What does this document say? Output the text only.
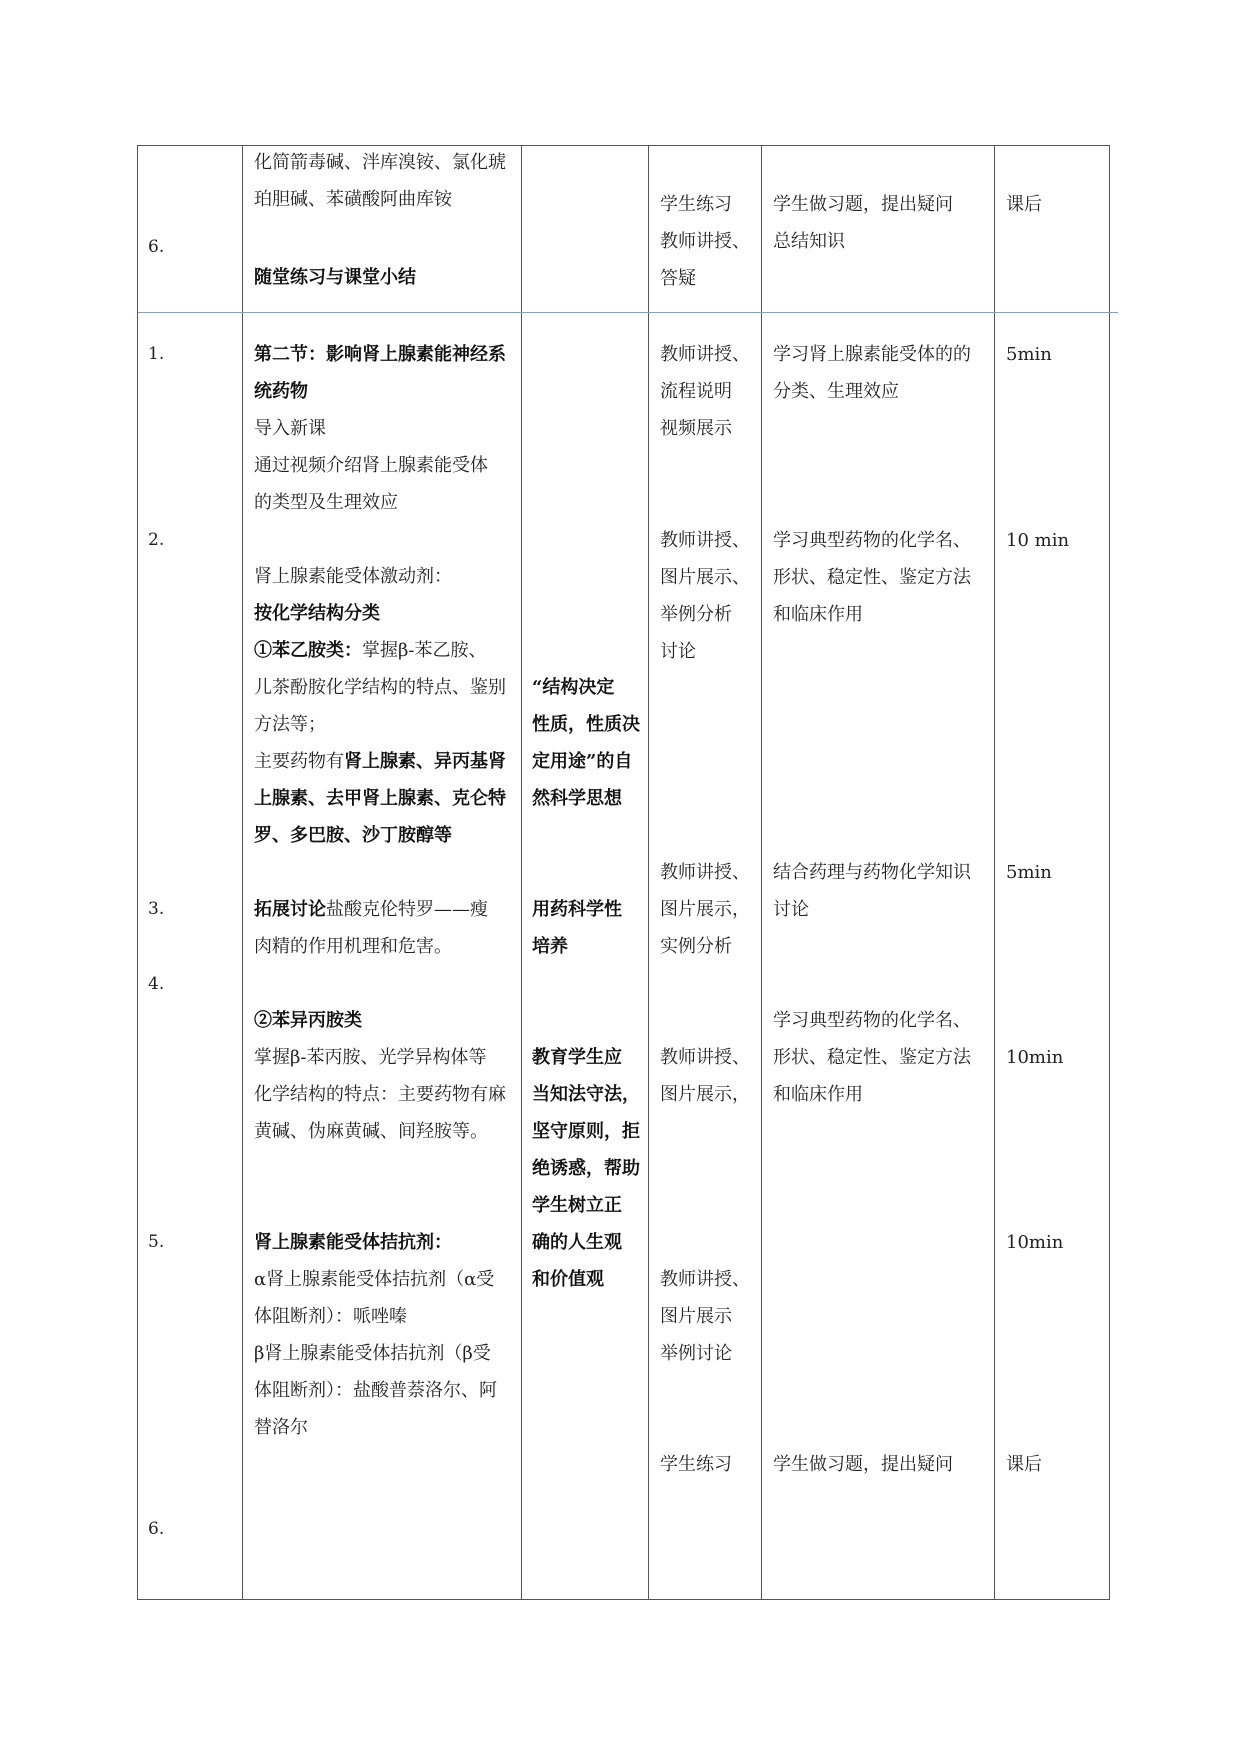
6.
化简箭毒碱、泮库溴铵、氯化琥
珀胆碱、苯磺酸阿曲库铵
随堂练习与课堂小结
学生练习
教师讲授、
答疑
学生做习题，提出疑问
总结知识
课后
1.
2.
3.
4.
5.
6.
第二节：影响肾上腺素能神经系
统药物
导入新课
通过视频介绍肾上腺素能受体
的类型及生理效应
肾上腺素能受体激动剂：
按化学结构分类
①苯乙胺类：掌握β-苯乙胺、
儿茶酚胺化学结构的特点、鉴别
方法等；
主要药物有肾上腺素、异丙基肾
上腺素、去甲肾上腺素、克仑特
罗、多巴胺、沙丁胺醇等
拓展讨论盐酸克伦特罗——瘦
肉精的作用机理和危害。
②苯异丙胺类
掌握β-苯丙胺、光学异构体等
化学结构的特点：主要药物有麻
黄碱、伪麻黄碱、间羟胺等。
肾上腺素能受体拮抗剂：
α肾上腺素能受体拮抗剂（α受
体阻断剂）：哌唑嗪
β肾上腺素能受体拮抗剂（β受
体阻断剂）：盐酸普萘洛尔、阿
替洛尔
“结构决定
性质，性质决
定用途”的自
然科学思想
用药科学性
培养
教育学生应
当知法守法，
坚守原则，拒
绝诱惑，帮助
学生树立正
确的人生观
和价值观
教师讲授、
流程说明
视频展示
教师讲授、
图片展示、
举例分析
讨论
教师讲授、
图片展示，
实例分析
教师讲授、
图片展示，
教师讲授、
图片展示
举例讨论
学生练习
学习肾上腺素能受体的的
分类、生理效应
学习典型药物的化学名、
形状、稳定性、鉴定方法
和临床作用
结合药理与药物化学知识
讨论
学习典型药物的化学名、
形状、稳定性、鉴定方法
和临床作用
学生做习题，提出疑问
5min
10 min
5min
10min
10min
课后
